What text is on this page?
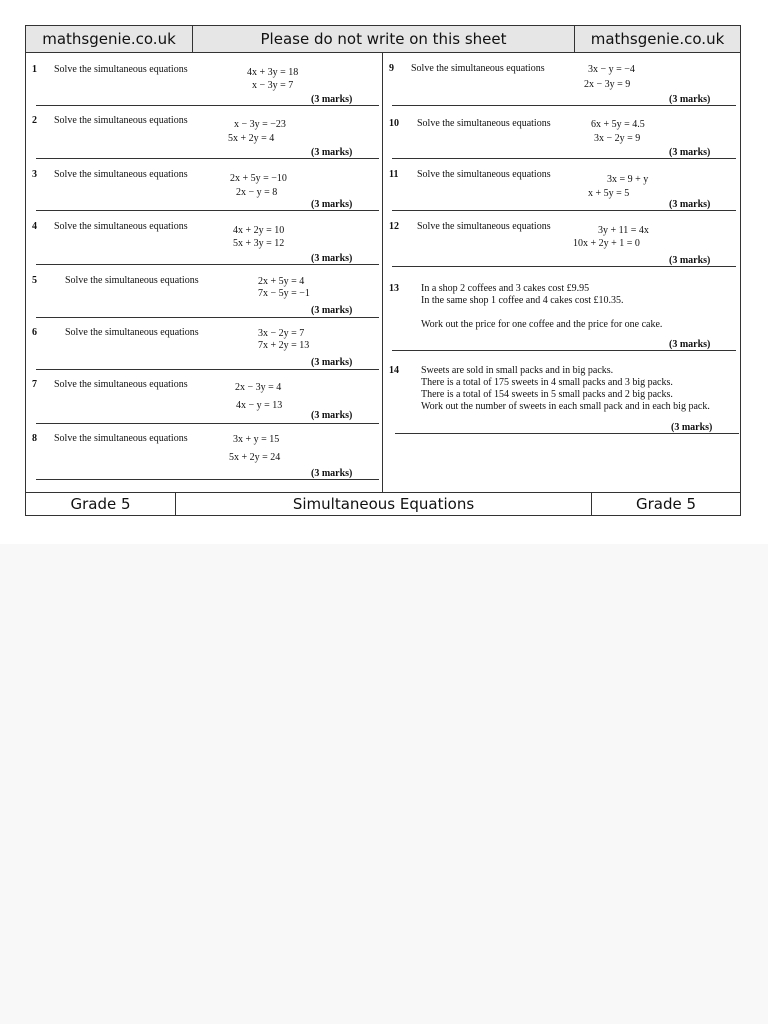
mathsgenie.co.uk	Please do not write on this sheet	mathsgenie.co.uk
1 Solve the simultaneous equations	4x + 3y = 18
x − 3y = 7
(3 marks)
2 Solve the simultaneous equations	x − 3y = −23
5x + 2y = 4
(3 marks)
3 Solve the simultaneous equations	2x + 5y = −10
2x − y = 8
(3 marks)
4 Solve the simultaneous equations	4x + 2y = 10
5x + 3y = 12
(3 marks)
5	Solve the simultaneous equations	2x + 5y = 4
7x − 5y = −1
(3 marks)
6	Solve the simultaneous equations	3x − 2y = 7
7x + 2y = 13
(3 marks)
7 Solve the simultaneous equations	2x − 3y = 4
4x − y = 13
(3 marks)
8 Solve the simultaneous equations	3x + y = 15
5x + 2y = 24
(3 marks)
9 Solve the simultaneous equations	3x − y = −4
2x − 3y = 9
(3 marks)
10 Solve the simultaneous equations	6x + 5y = 4.5
3x − 2y = 9
(3 marks)
11 Solve the simultaneous equations	3x = 9 + y
x + 5y = 5
(3 marks)
12 Solve the simultaneous equations	3y + 11 = 4x
10x + 2y + 1 = 0
(3 marks)
13 In a shop 2 coffees and 3 cakes cost £9.95
In the same shop 1 coffee and 4 cakes cost £10.35.
Work out the price for one coffee and the price for one cake.
(3 marks)
14 Sweets are sold in small packs and in big packs.
There is a total of 175 sweets in 4 small packs and 3 big packs.
There is a total of 154 sweets in 5 small packs and 2 big packs.
Work out the number of sweets in each small pack and in each big pack.
(3 marks)
Grade 5	Simultaneous Equations	Grade 5
